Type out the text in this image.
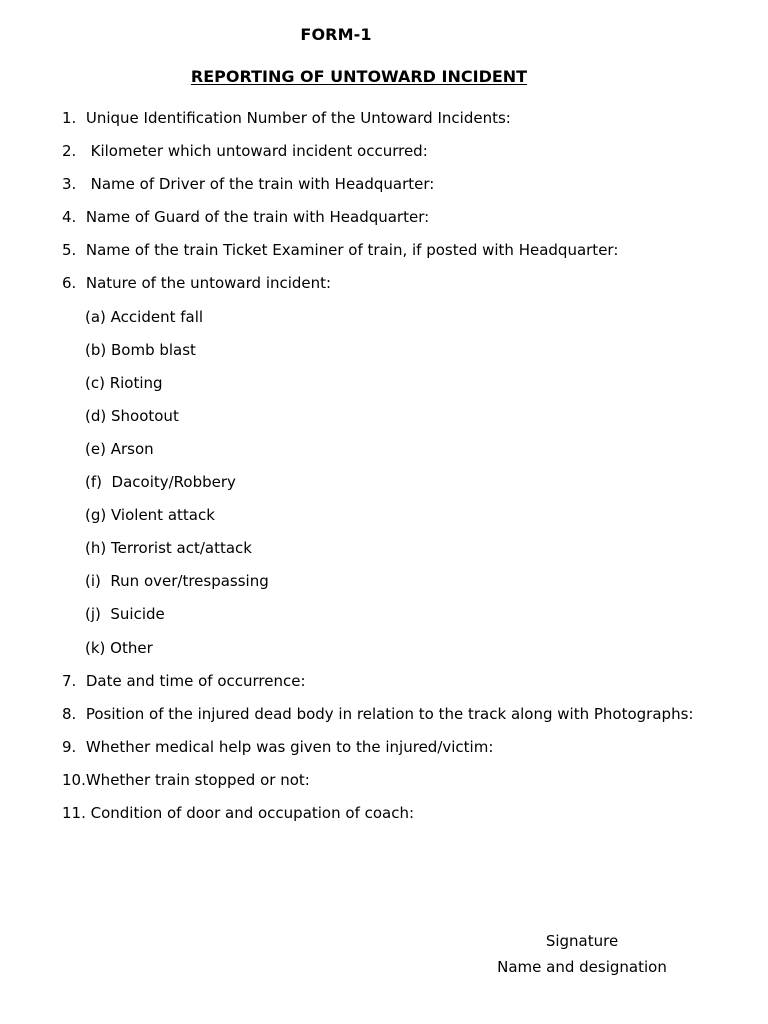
FORM-1
REPORTING OF UNTOWARD INCIDENT
1.  Unique Identification Number of the Untoward Incidents:
2.   Kilometer which untoward incident occurred:
3.   Name of Driver of the train with Headquarter:
4.  Name of Guard of the train with Headquarter:
5.  Name of the train Ticket Examiner of train, if posted with Headquarter:
6.  Nature of the untoward incident:
(a) Accident fall
(b) Bomb blast
(c) Rioting
(d) Shootout
(e) Arson
(f)  Dacoity/Robbery
(g) Violent attack
(h) Terrorist act/attack
(i)  Run over/trespassing
(j)  Suicide
(k) Other
7.  Date and time of occurrence:
8.  Position of the injured dead body in relation to the track along with Photographs:
9.  Whether medical help was given to the injured/victim:
10.Whether train stopped or not:
11. Condition of door and occupation of coach:
Signature
Name and designation
